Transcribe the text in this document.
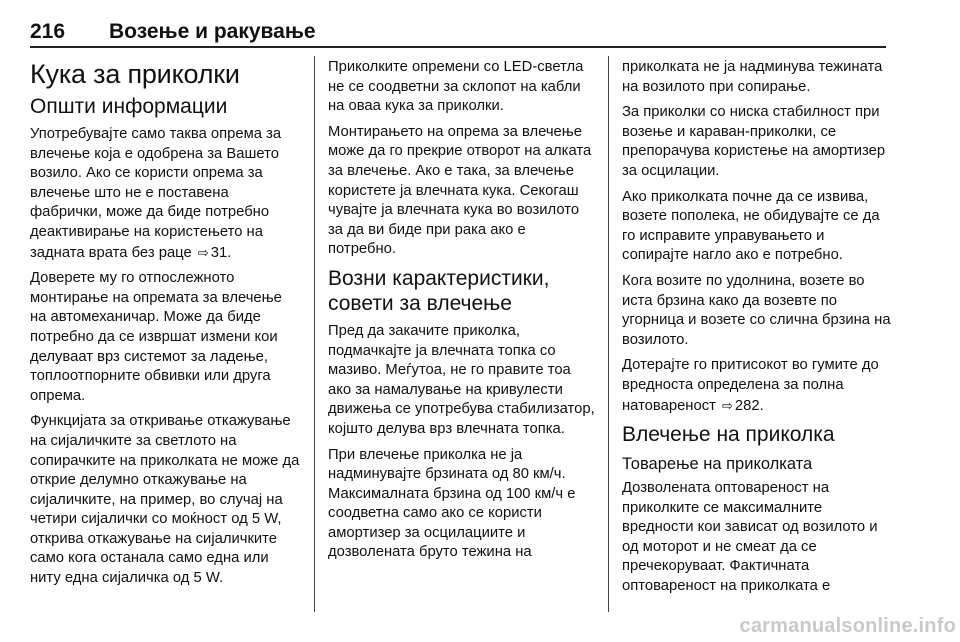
216 Возење и ракување
Кука за приколки
Општи информации

Употребувајте само таква опрема за влечење која е одобрена за Вашето возило. Ако се користи опрема за влечење што не е поставена фабрички, може да биде потребно деактивирање на користењето на задната врата без раце ⇨ 31.

Доверете му го отпослежното монтирање на опремата за влечење на автомеханичар. Може да биде потребно да се извршат измени кои делуваат врз системот за ладење, топлоотпорните обвивки или друга опрема.

Функцијата за откривање откажување на сијаличките за светлото на сопирачките на приколката не може да открие делумно откажување на сијаличките, на пример, во случај на четири сијалички со моќност од 5 W, открива откажување на сијаличките само кога останала само една или ниту една сијаличка од 5 W.

Приколките опремени со LED-светла не се соодветни за склопот на кабли на оваа кука за приколки.

Монтирањето на опрема за влечење може да го прекрие отворот на алката за влечење. Ако е така, за влечење користете ја влечната кука. Секогаш чувајте ја влечната кука во возилото за да ви биде при рака ако е потребно.

Возни карактеристики, совети за влечење

Пред да закачите приколка, подмачкајте ја влечната топка со мазиво. Меѓутоа, не го правите тоа ако за намалување на кривулести движења се употребува стабилизатор, којшто делува врз влечната топка.

При влечење приколка не ја надминувајте брзината од 80 км/ч. Максималната брзина од 100 км/ч е соодветна само ако се користи амортизер за осцилациите и дозволената бруто тежина на

приколката не ја надминува тежината на возилото при сопирање.

За приколки со ниска стабилност при возење и караван-приколки, се препорачува користење на амортизер за осцилации.

Ако приколката почне да се извива, возете пополека, не обидувајте се да го исправите управувањето и сопирајте нагло ако е потребно.

Кога возите по удолнина, возете во иста брзина како да возевте по угорница и возете со слична брзина на возилото.

Дотерајте го притисокот во гумите до вредноста определена за полна натовареност ⇨ 282.

Влечење на приколка
Товарење на приколката

Дозволената оптовареност на приколките се максималните вредности кои зависат од возилото и од моторот и не смеат да се пречекоруваат. Фактичната оптовареност на приколката е

carmanualsonline.info
